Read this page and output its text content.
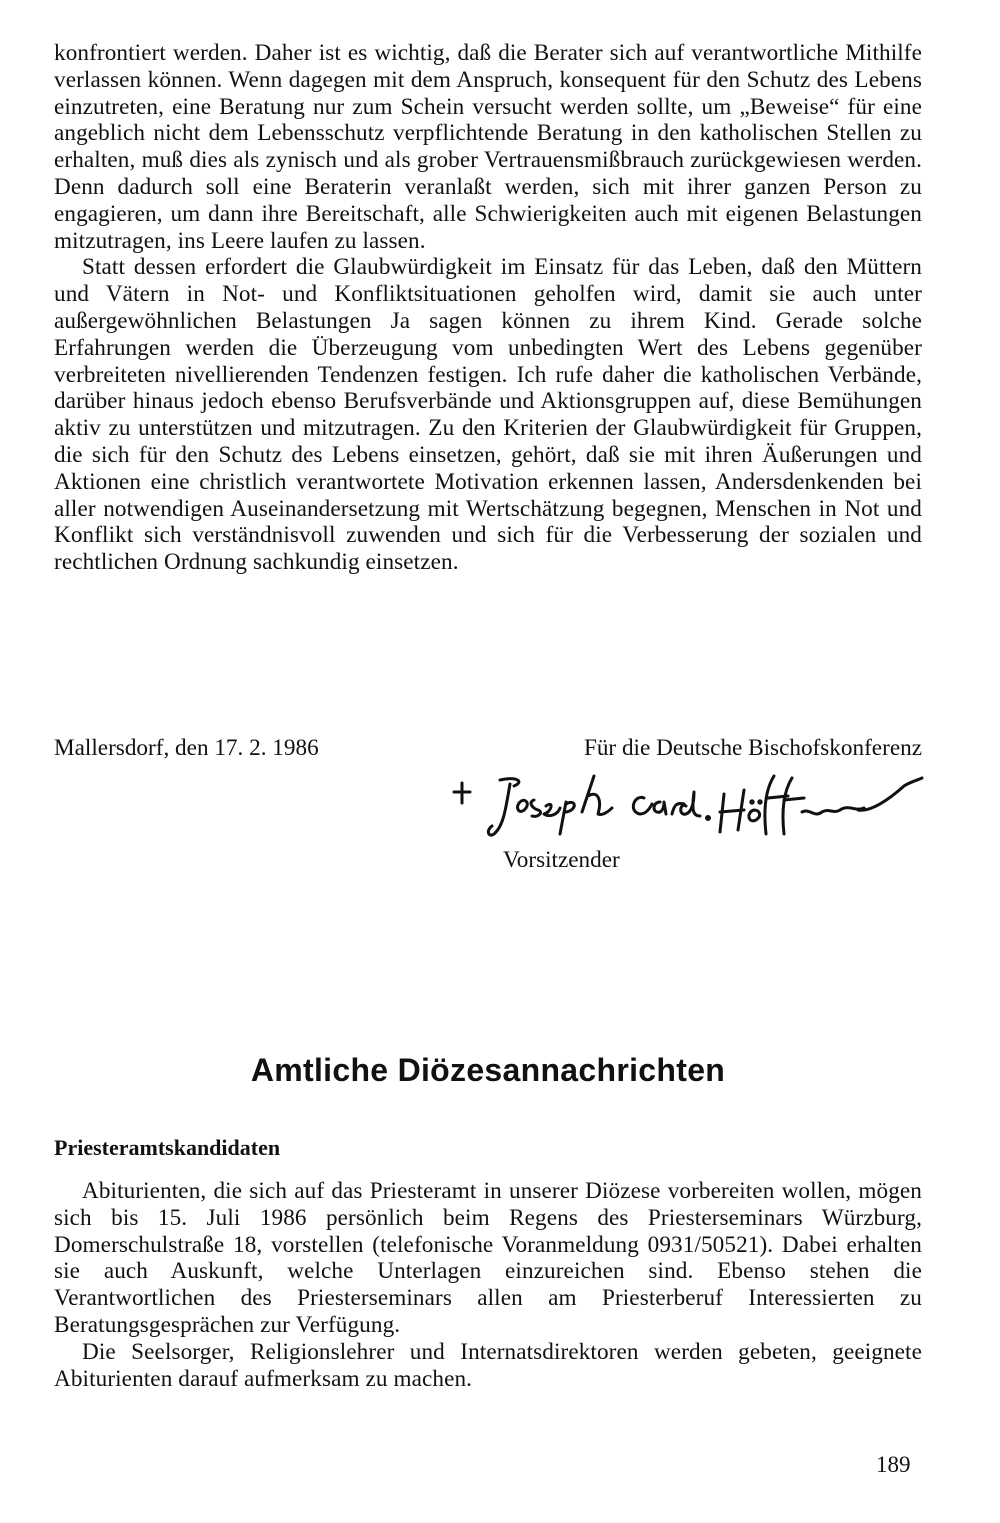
konfrontiert werden. Daher ist es wichtig, daß die Berater sich auf verantwortliche Mithilfe verlassen können. Wenn dagegen mit dem Anspruch, konsequent für den Schutz des Lebens einzutreten, eine Beratung nur zum Schein versucht werden sollte, um „Beweise“ für eine angeblich nicht dem Lebensschutz verpflichtende Beratung in den katholischen Stellen zu erhalten, muß dies als zynisch und als grober Vertrauensmißbrauch zurückgewiesen werden. Denn dadurch soll eine Beraterin veranlaßt werden, sich mit ihrer ganzen Person zu engagieren, um dann ihre Bereitschaft, alle Schwierigkeiten auch mit eigenen Belastungen mitzutragen, ins Leere laufen zu lassen.

Statt dessen erfordert die Glaubwürdigkeit im Einsatz für das Leben, daß den Müttern und Vätern in Not- und Konfliktsituationen geholfen wird, damit sie auch unter außergewöhnlichen Belastungen Ja sagen können zu ihrem Kind. Gerade solche Erfahrungen werden die Überzeugung vom unbedingten Wert des Lebens gegenüber verbreiteten nivellierenden Tendenzen festigen. Ich rufe daher die katholischen Verbände, darüber hinaus jedoch ebenso Berufsverbände und Aktionsgruppen auf, diese Bemühungen aktiv zu unterstützen und mitzutragen. Zu den Kriterien der Glaubwürdigkeit für Gruppen, die sich für den Schutz des Lebens einsetzen, gehört, daß sie mit ihren Äußerungen und Aktionen eine christlich verantwortete Motivation erkennen lassen, Andersdenkenden bei aller notwendigen Auseinandersetzung mit Wertschätzung begegnen, Menschen in Not und Konflikt sich verständnisvoll zuwenden und sich für die Verbesserung der sozialen und rechtlichen Ordnung sachkundig einsetzen.

Mallersdorf, den 17. 2. 1986	Für die Deutsche Bischofskonferenz
Vorsitzender
Amtliche Diözesannachrichten
Priesteramtskandidaten

Abiturienten, die sich auf das Priesteramt in unserer Diözese vorbereiten wollen, mögen sich bis 15. Juli 1986 persönlich beim Regens des Priesterseminars Würzburg, Domerschulstraße 18, vorstellen (telefonische Voranmeldung 0931/50521). Dabei erhalten sie auch Auskunft, welche Unterlagen einzureichen sind. Ebenso stehen die Verantwortlichen des Priesterseminars allen am Priesterberuf Interessierten zu Beratungsgesprächen zur Verfügung.

Die Seelsorger, Religionslehrer und Internatsdirektoren werden gebeten, geeignete Abiturienten darauf aufmerksam zu machen.

189
